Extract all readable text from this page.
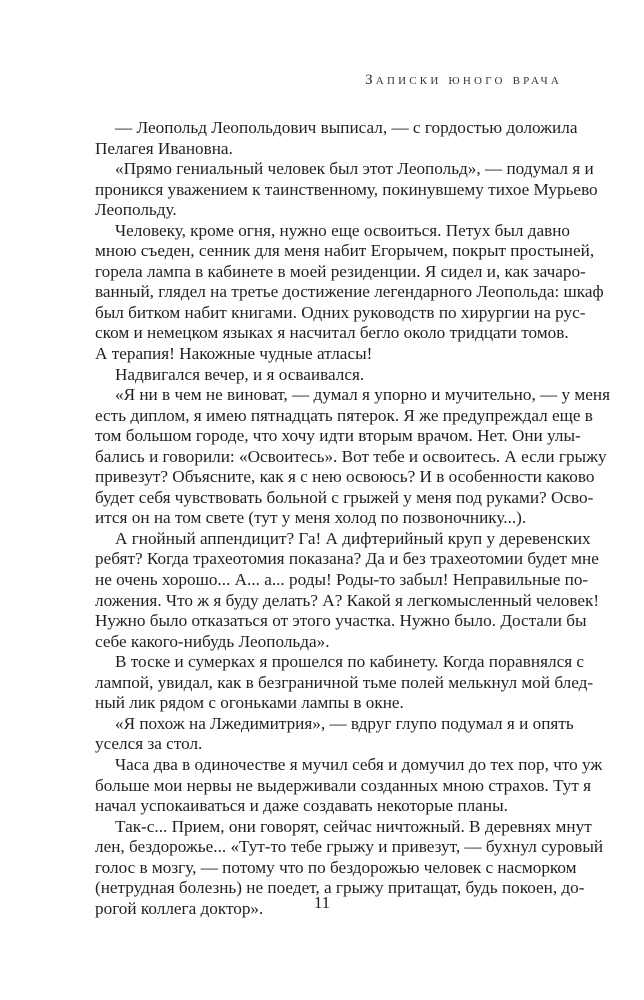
Записки юного врача
— Леопольд Леопольдович выписал, — с гордостью доложила
Пелагея Ивановна.
«Прямо гениальный человек был этот Леопольд», — подумал я и
проникся уважением к таинственному, покинувшему тихое Мурьево
Леопольду.
Человеку, кроме огня, нужно еще освоиться. Петух был давно
мною съеден, сенник для меня набит Егорычем, покрыт простыней,
горела лампа в кабинете в моей резиденции. Я сидел и, как зачаро-
ванный, глядел на третье достижение легендарного Леопольда: шкаф
был битком набит книгами. Одних руководств по хирургии на рус-
ском и немецком языках я насчитал бегло около тридцати томов.
А терапия! Накожные чудные атласы!
Надвигался вечер, и я осваивался.
«Я ни в чем не виноват, — думал я упорно и мучительно, — у меня
есть диплом, я имею пятнадцать пятерок. Я же предупреждал еще в
том большом городе, что хочу идти вторым врачом. Нет. Они улы-
бались и говорили: «Освоитесь». Вот тебе и освоитесь. А если грыжу
привезут? Объясните, как я с нею освоюсь? И в особенности каково
будет себя чувствовать больной с грыжей у меня под руками? Осво-
ится он на том свете (тут у меня холод по позвоночнику...).
А гнойный аппендицит? Га! А дифтерийный круп у деревенских
ребят? Когда трахеотомия показана? Да и без трахеотомии будет мне
не очень хорошо... А... а... роды! Роды-то забыл! Неправильные по-
ложения. Что ж я буду делать? А? Какой я легкомысленный человек!
Нужно было отказаться от этого участка. Нужно было. Достали бы
себе какого-нибудь Леопольда».
В тоске и сумерках я прошелся по кабинету. Когда поравнялся с
лампой, увидал, как в безграничной тьме полей мелькнул мой блед-
ный лик рядом с огоньками лампы в окне.
«Я похож на Лжедимитрия», — вдруг глупо подумал я и опять
уселся за стол.
Часа два в одиночестве я мучил себя и домучил до тех пор, что уж
больше мои нервы не выдерживали созданных мною страхов. Тут я
начал успокаиваться и даже создавать некоторые планы.
Так-с... Прием, они говорят, сейчас ничтожный. В деревнях мнут
лен, бездорожье... «Тут-то тебе грыжу и привезут, — бухнул суровый
голос в мозгу, — потому что по бездорожью человек с насморком
(нетрудная болезнь) не поедет, а грыжу притащат, будь покоен, до-
рогой коллега доктор».	11
